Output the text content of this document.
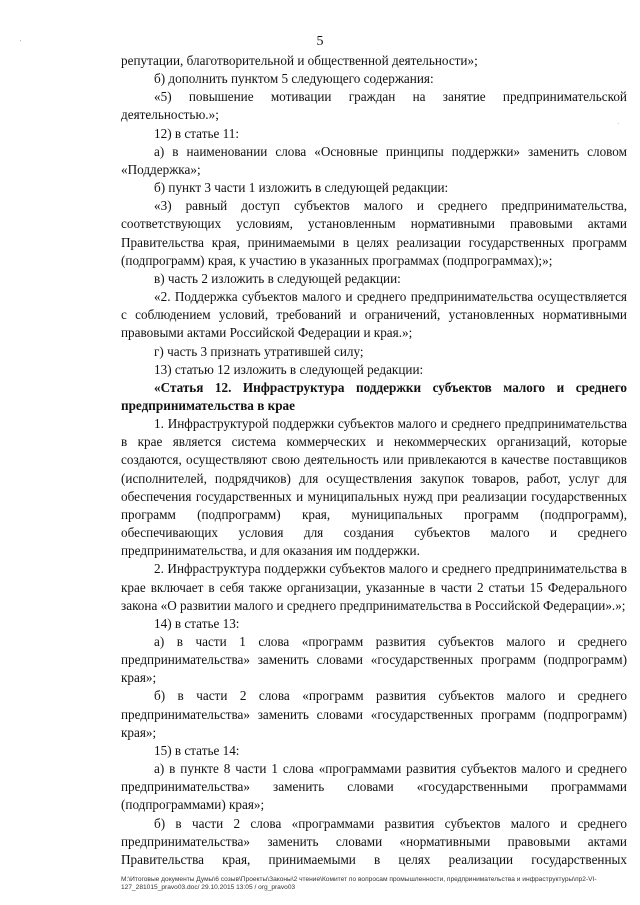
5

репутации, благотворительной и общественной деятельности»;

б) дополнить пунктом 5 следующего содержания:

«5) повышение мотивации граждан на занятие предпринимательской деятельностью.»;

12) в статье 11:

а) в наименовании слова «Основные принципы поддержки» заменить словом «Поддержка»;

б) пункт 3 части 1 изложить в следующей редакции:

«3) равный доступ субъектов малого и среднего предпринимательства, соответствующих условиям, установленным нормативными правовыми актами Правительства края, принимаемыми в целях реализации государственных программ (подпрограмм) края, к участию в указанных программах (подпрограммах);»;

в) часть 2 изложить в следующей редакции:

«2. Поддержка субъектов малого и среднего предпринимательства осуществляется с соблюдением условий, требований и ограничений, установленных нормативными правовыми актами Российской Федерации и края.»;

г) часть 3 признать утратившей силу;

13) статью 12 изложить в следующей редакции:

«Статья 12. Инфраструктура поддержки субъектов малого и среднего предпринимательства в крае

1. Инфраструктурой поддержки субъектов малого и среднего предпринимательства в крае является система коммерческих и некоммерческих организаций, которые создаются, осуществляют свою деятельность или привлекаются в качестве поставщиков (исполнителей, подрядчиков) для осуществления закупок товаров, работ, услуг для обеспечения государственных и муниципальных нужд при реализации государственных программ (подпрограмм) края, муниципальных программ (подпрограмм), обеспечивающих условия для создания субъектов малого и среднего предпринимательства, и для оказания им поддержки.

2. Инфраструктура поддержки субъектов малого и среднего предпринимательства в крае включает в себя также организации, указанные в части 2 статьи 15 Федерального закона «О развитии малого и среднего предпринимательства в Российской Федерации».»;

14) в статье 13:

а) в части 1 слова «программ развития субъектов малого и среднего предпринимательства» заменить словами «государственных программ (подпрограмм) края»;

б) в части 2 слова «программ развития субъектов малого и среднего предпринимательства» заменить словами «государственных программ (подпрограмм) края»;

15) в статье 14:

а) в пункте 8 части 1 слова «программами развития субъектов малого и среднего предпринимательства» заменить словами «государственными программами (подпрограммами) края»;

б) в части 2 слова «программами развития субъектов малого и среднего предпринимательства» заменить словами «нормативными правовыми актами Правительства края, принимаемыми в целях реализации государственных

M:\Итоговые документы Думы\6 созыв\Проекты\Законы\2 чтение\Комитет по вопросам промышленности, предпринимательства и инфраструктуры\пр2-VI-127_281015_pravo03.doc/ 29.10.2015 13:05 / org_pravo03
'
.
